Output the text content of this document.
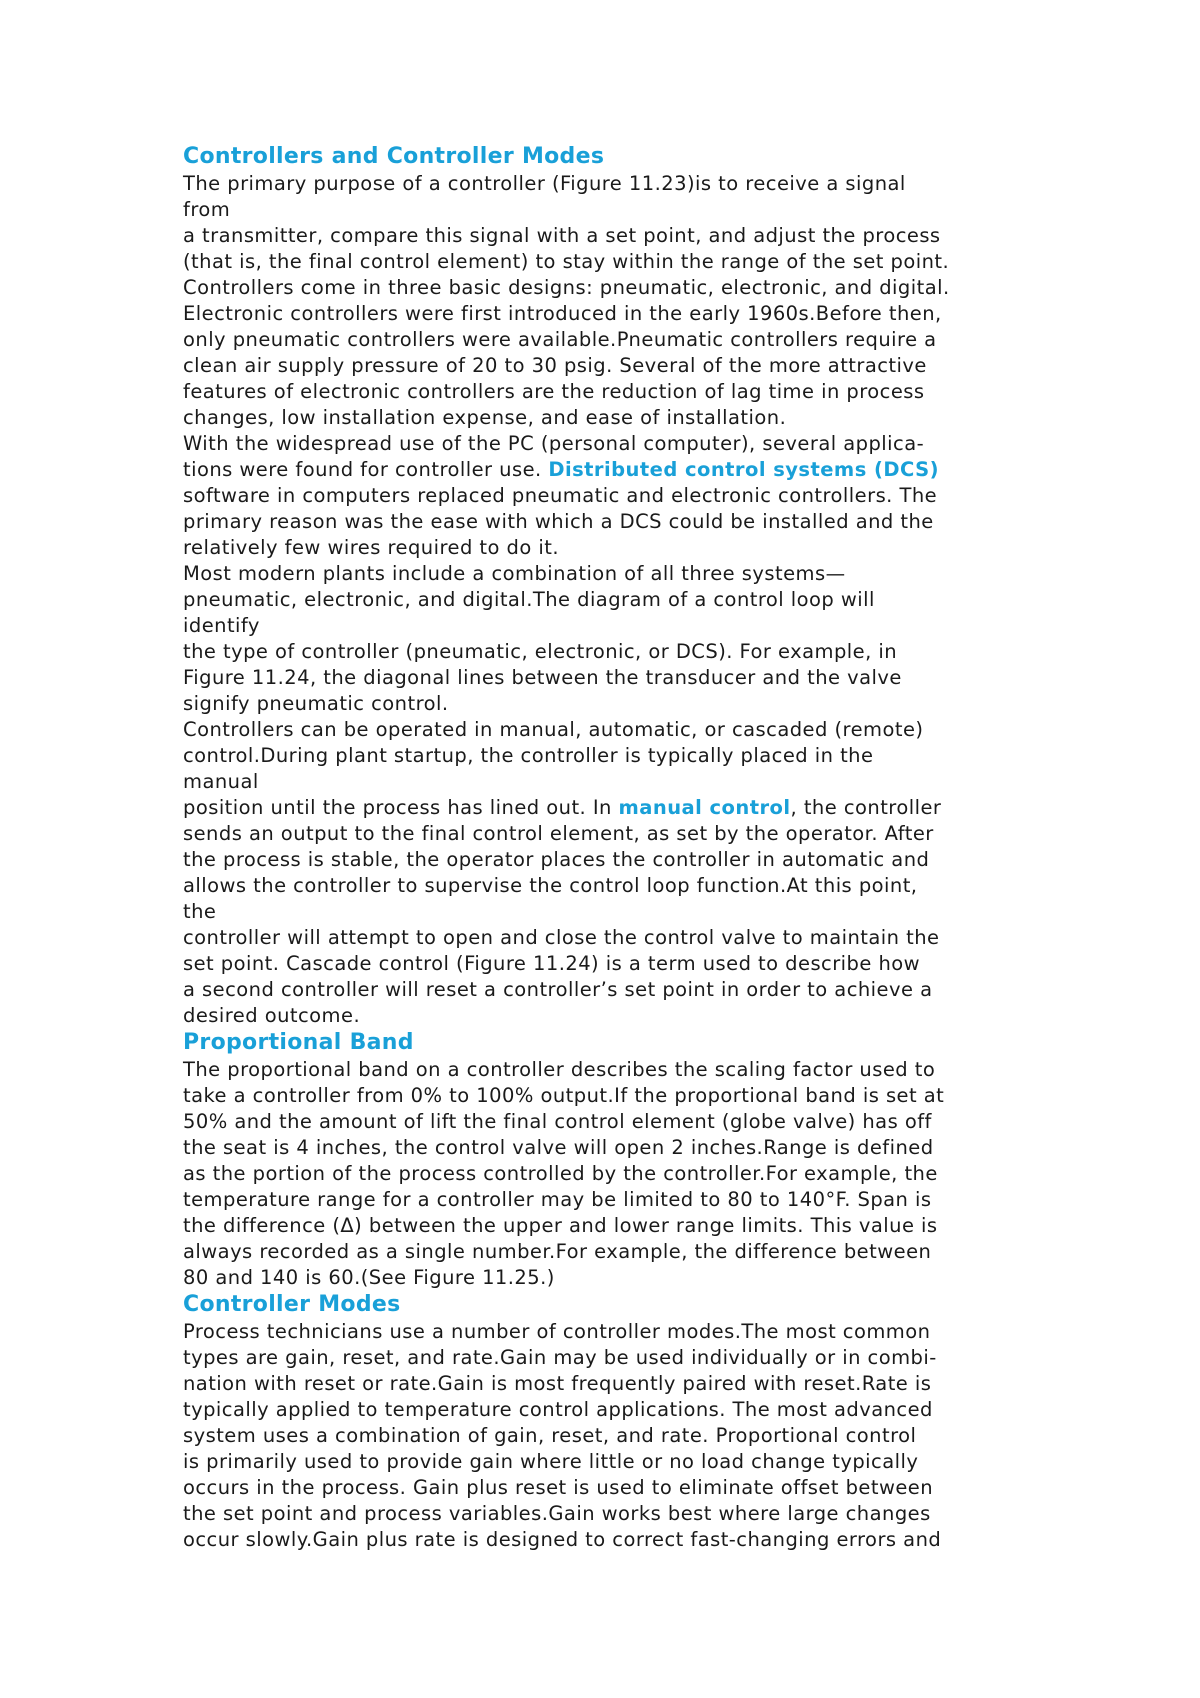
Controllers and Controller Modes
The primary purpose of a controller (Figure 11.23)is to receive a signal
from
a transmitter, compare this signal with a set point, and adjust the process
(that is, the final control element) to stay within the range of the set point.
Controllers come in three basic designs: pneumatic, electronic, and digital.
Electronic controllers were first introduced in the early 1960s.Before then,
only pneumatic controllers were available.Pneumatic controllers require a
clean air supply pressure of 20 to 30 psig. Several of the more attractive
features of electronic controllers are the reduction of lag time in process
changes, low installation expense, and ease of installation.
With the widespread use of the PC (personal computer), several applica-
tions were found for controller use. Distributed control systems (DCS)
software in computers replaced pneumatic and electronic controllers. The
primary reason was the ease with which a DCS could be installed and the
relatively few wires required to do it.
Most modern plants include a combination of all three systems—
pneumatic, electronic, and digital.The diagram of a control loop will
identify
the type of controller (pneumatic, electronic, or DCS). For example, in
Figure 11.24, the diagonal lines between the transducer and the valve
signify pneumatic control.
Controllers can be operated in manual, automatic, or cascaded (remote)
control.During plant startup, the controller is typically placed in the
manual
position until the process has lined out. In manual control, the controller
sends an output to the final control element, as set by the operator. After
the process is stable, the operator places the controller in automatic and
allows the controller to supervise the control loop function.At this point,
the
controller will attempt to open and close the control valve to maintain the
set point. Cascade control (Figure 11.24) is a term used to describe how
a second controller will reset a controller’s set point in order to achieve a
desired outcome.
Proportional Band
The proportional band on a controller describes the scaling factor used to
take a controller from 0% to 100% output.If the proportional band is set at
50% and the amount of lift the final control element (globe valve) has off
the seat is 4 inches, the control valve will open 2 inches.Range is defined
as the portion of the process controlled by the controller.For example, the
temperature range for a controller may be limited to 80 to 140°F. Span is
the difference (Δ) between the upper and lower range limits. This value is
always recorded as a single number.For example, the difference between
80 and 140 is 60.(See Figure 11.25.)
Controller Modes
Process technicians use a number of controller modes.The most common
types are gain, reset, and rate.Gain may be used individually or in combi-
nation with reset or rate.Gain is most frequently paired with reset.Rate is
typically applied to temperature control applications. The most advanced
system uses a combination of gain, reset, and rate. Proportional control
is primarily used to provide gain where little or no load change typically
occurs in the process. Gain plus reset is used to eliminate offset between
the set point and process variables.Gain works best where large changes
occur slowly.Gain plus rate is designed to correct fast-changing errors and
